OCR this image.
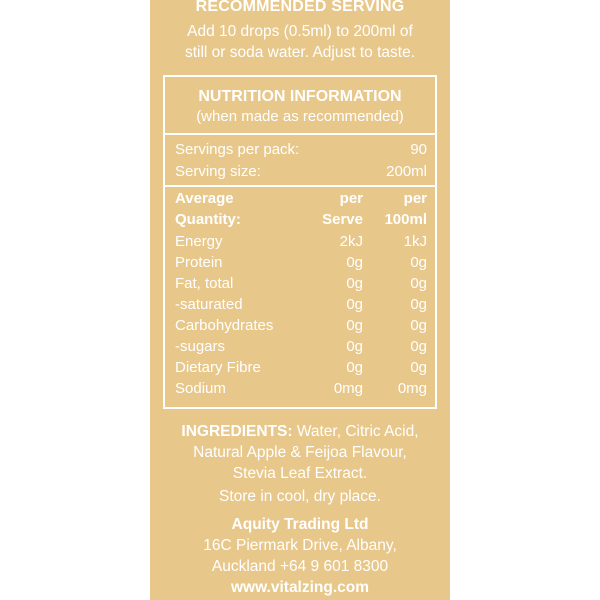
RECOMMENDED SERVING
Add 10 drops (0.5ml) to 200ml of
still or soda water. Adjust to taste.
NUTRITION INFORMATION
(when made as recommended)
Servings per pack:	90
Serving size:	200ml
Average	per	per
Quantity:	Serve 100ml
Energy	2kJ	1kJ
Protein	0g	0g
Fat, total	0g	0g
-saturated	0g	0g
Carbohydrates	0g	0g
-sugars	0g	0g
Dietary Fibre	0g	0g
Sodium	0mg 0mg
INGREDIENTS: Water, Citric Acid,
Natural Apple & Feijoa Flavour,
Stevia Leaf Extract.
Store in cool, dry place.
Aquity Trading Ltd
16C Piermark Drive, Albany,
Auckland +64 9 601 8300
www.vitalzing.com
